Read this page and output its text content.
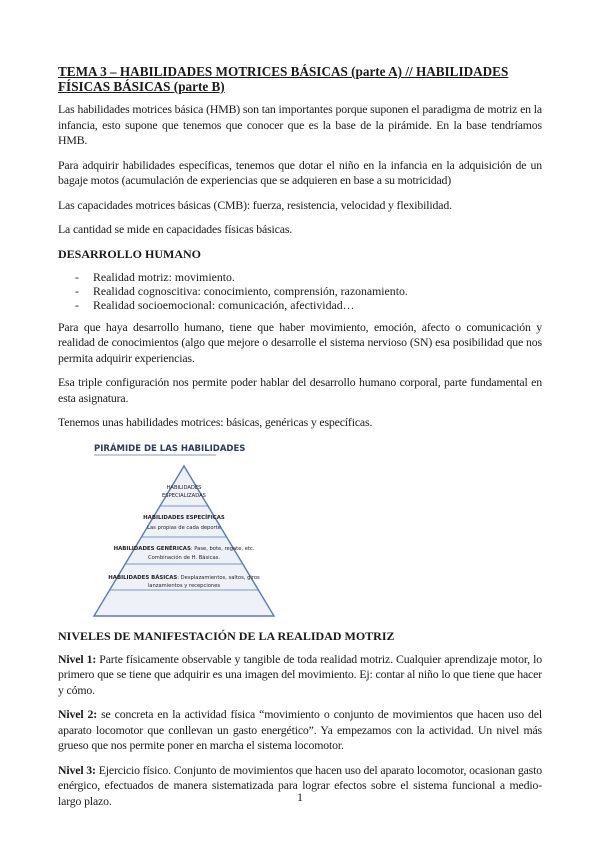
TEMA 3 – HABILIDADES MOTRICES BÁSICAS (parte A) // HABILIDADES FÍSICAS BÁSICAS (parte B)

Las habilidades motrices básica (HMB) son tan importantes porque suponen el paradigma de motriz en la infancia, esto supone que tenemos que conocer que es la base de la pirámide. En la base tendríamos HMB.

Para adquirir habilidades específicas, tenemos que dotar el niño en la infancia en la adquisición de un bagaje motos (acumulación de experiencias que se adquieren en base a su motricidad)

Las capacidades motrices básicas (CMB): fuerza, resistencia, velocidad y flexibilidad.

La cantidad se mide en capacidades físicas básicas.

DESARROLLO HUMANO
- Realidad motriz: movimiento.
- Realidad cognoscitiva: conocimiento, comprensión, razonamiento.
- Realidad socioemocional: comunicación, afectividad…

Para que haya desarrollo humano, tiene que haber movimiento, emoción, afecto o comunicación y realidad de conocimientos (algo que mejore o desarrolle el sistema nervioso (SN) esa posibilidad que nos permita adquirir experiencias.

Esa triple configuración nos permite poder hablar del desarrollo humano corporal, parte fundamental en esta asignatura.

Tenemos unas habilidades motrices: básicas, genéricas y específicas.

PIRÁMIDE DE LAS HABILIDADES
HABILIDADES
ESPECIALIZADAS
HABILIDADES ESPECÍFICAS
Las propias de cada deporte
HABILIDADES GENÉRICAS: Pase, bote, regate, etc.
Combinación de H. Básicas.
HABILIDADES BÁSICAS: Desplazamientos, saltos, giros
lanzamientos y recepciones
NIVELES DE MANIFESTACIÓN DE LA REALIDAD MOTRIZ

Nivel 1: Parte físicamente observable y tangible de toda realidad motriz. Cualquier aprendizaje motor, lo primero que se tiene que adquirir es una imagen del movimiento. Ej: contar al niño lo que tiene que hacer y cómo.

Nivel 2: se concreta en la actividad física “movimiento o conjunto de movimientos que hacen uso del aparato locomotor que conllevan un gasto energético”. Ya empezamos con la actividad. Un nivel más grueso que nos permite poner en marcha el sistema locomotor.

Nivel 3: Ejercicio físico. Conjunto de movimientos que hacen uso del aparato locomotor, ocasionan gasto enérgico, efectuados de manera sistematizada para lograr efectos sobre el sistema funcional a medio-largo plazo.	1
